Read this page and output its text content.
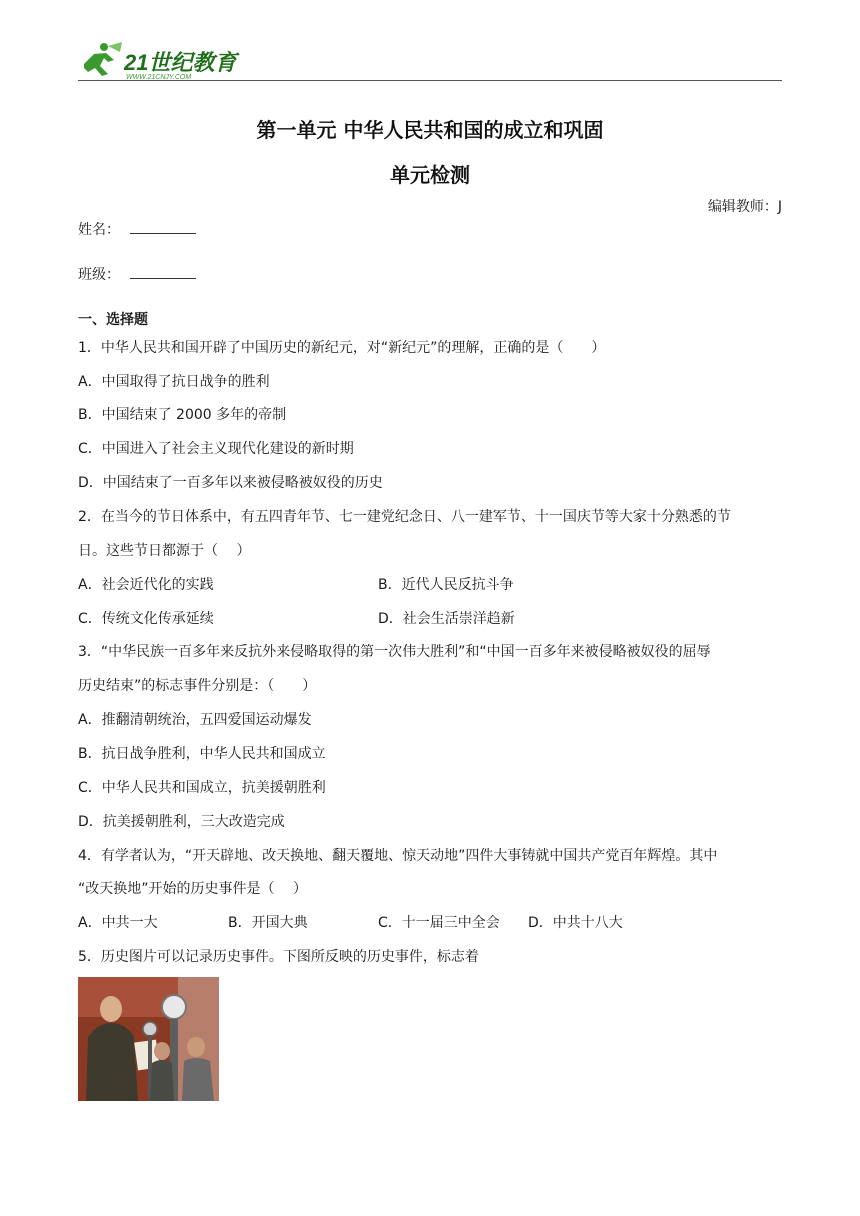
21世纪教育
WWW.21CNJY.COM
第一单元 中华人民共和国的成立和巩固
单元检测
编辑教师：J
姓名：
班级：
一、选择题
1．中华人民共和国开辟了中国历史的新纪元，对“新纪元”的理解，正确的是（　　）
A．中国取得了抗日战争的胜利
B．中国结束了 2000 多年的帝制
C．中国进入了社会主义现代化建设的新时期
D．中国结束了一百多年以来被侵略被奴役的历史
2．在当今的节日体系中，有五四青年节、七一建党纪念日、八一建军节、十一国庆节等大家十分熟悉的节
日。这些节日都源于（　 ）
A．社会近代化的实践	B．近代人民反抗斗争
C．传统文化传承延续	D．社会生活崇洋趋新
3．“中华民族一百多年来反抗外来侵略取得的第一次伟大胜利”和“中国一百多年来被侵略被奴役的屈辱
历史结束”的标志事件分别是：（　　）
A．推翻清朝统治，五四爱国运动爆发
B．抗日战争胜利，中华人民共和国成立
C．中华人民共和国成立，抗美援朝胜利
D．抗美援朝胜利，三大改造完成
4．有学者认为，“开天辟地、改天换地、翻天覆地、惊天动地”四件大事铸就中国共产党百年辉煌。其中
“改天换地”开始的历史事件是（　 ）
A．中共一大	B．开国大典	C．十一届三中全会 D．中共十八大
5．历史图片可以记录历史事件。下图所反映的历史事件，标志着
